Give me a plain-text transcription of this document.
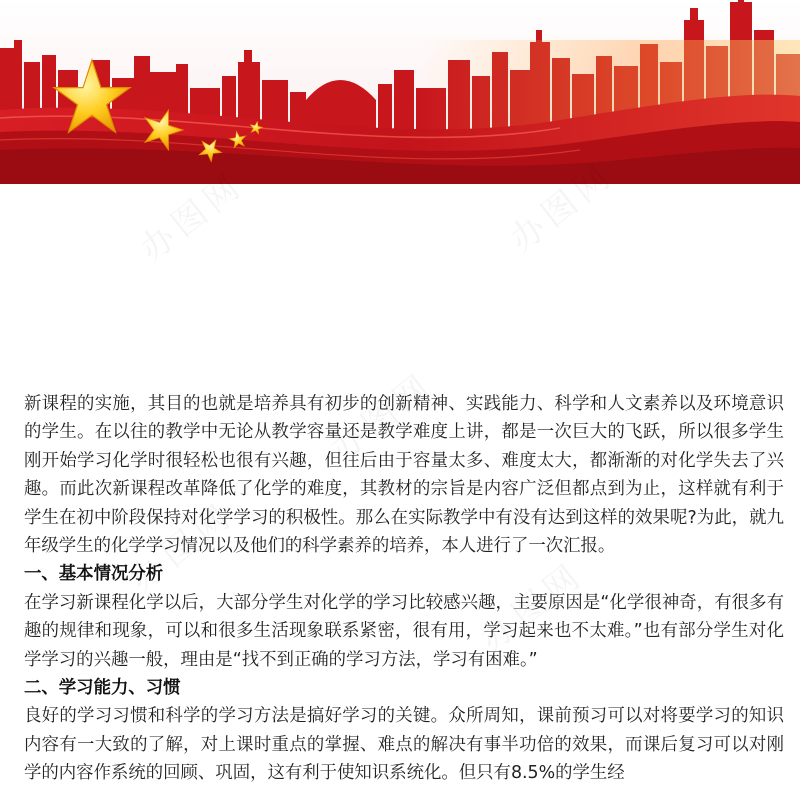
新课程的实施，其目的也就是培养具有初步的创新精神、实践能力、科学和人文素养以及环境意识的学生。在以往的教学中无论从教学容量还是教学难度上讲，都是一次巨大的飞跃，所以很多学生刚开始学习化学时很轻松也很有兴趣，但往后由于容量太多、难度太大，都渐渐的对化学失去了兴趣。而此次新课程改革降低了化学的难度，其教材的宗旨是内容广泛但都点到为止，这样就有利于学生在初中阶段保持对化学学习的积极性。那么在实际教学中有没有达到这样的效果呢?为此，就九年级学生的化学学习情况以及他们的科学素养的培养，本人进行了一次汇报。

一、基本情况分析

在学习新课程化学以后，大部分学生对化学的学习比较感兴趣，主要原因是“化学很神奇，有很多有趣的规律和现象，可以和很多生活现象联系紧密，很有用，学习起来也不太难。”也有部分学生对化学学习的兴趣一般，理由是“找不到正确的学习方法，学习有困难。”

二、学习能力、习惯

良好的学习习惯和科学的学习方法是搞好学习的关键。众所周知，课前预习可以对将要学习的知识内容有一大致的了解，对上课时重点的掌握、难点的解决有事半功倍的效果，而课后复习可以对刚学的内容作系统的回顾、巩固，这有利于使知识系统化。但只有8.5%的学生经
